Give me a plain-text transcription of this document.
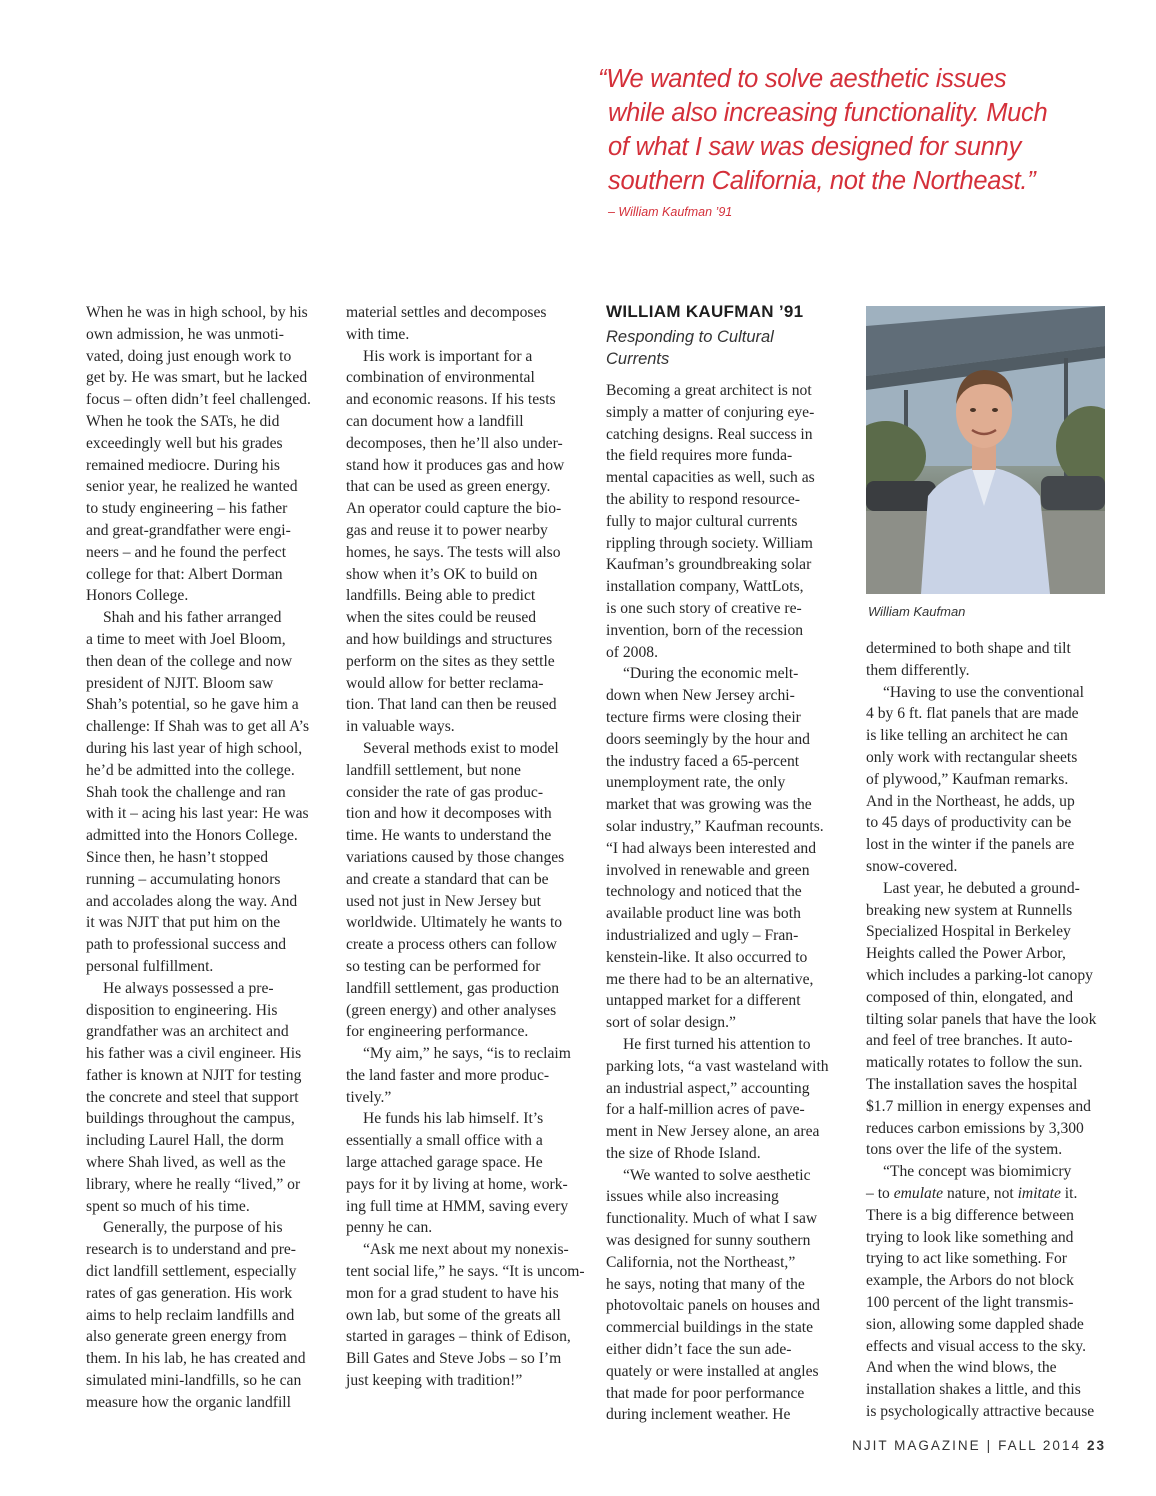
“We wanted to solve aesthetic issues
while also increasing functionality. Much
of what I saw was designed for sunny
southern California, not the Northeast.”

– William Kaufman ’91

When he was in high school, by his
own admission, he was unmoti-
vated, doing just enough work to
get by. He was smart, but he lacked
focus – often didn’t feel challenged.
When he took the SATs, he did
exceedingly well but his grades
remained mediocre. During his
senior year, he realized he wanted
to study engineering – his father
and great-grandfather were engi-
neers – and he found the perfect
college for that: Albert Dorman
Honors College.

Shah and his father arranged
a time to meet with Joel Bloom,
then dean of the college and now
president of NJIT. Bloom saw
Shah’s potential, so he gave him a
challenge: If Shah was to get all A’s
during his last year of high school,
he’d be admitted into the college.
Shah took the challenge and ran
with it – acing his last year: He was
admitted into the Honors College.
Since then, he hasn’t stopped
running – accumulating honors
and accolades along the way. And
it was NJIT that put him on the
path to professional success and
personal fulfillment.

He always possessed a pre-
disposition to engineering. His
grandfather was an architect and
his father was a civil engineer. His
father is known at NJIT for testing
the concrete and steel that support
buildings throughout the campus,
including Laurel Hall, the dorm
where Shah lived, as well as the
library, where he really “lived,” or
spent so much of his time.

Generally, the purpose of his
research is to understand and pre-
dict landfill settlement, especially
rates of gas generation. His work
aims to help reclaim landfills and
also generate green energy from
them. In his lab, he has created and
simulated mini-landfills, so he can
measure how the organic landfill

material settles and decomposes
with time.

His work is important for a
combination of environmental
and economic reasons. If his tests
can document how a landfill
decomposes, then he’ll also under-
stand how it produces gas and how
that can be used as green energy.
An operator could capture the bio-
gas and reuse it to power nearby
homes, he says. The tests will also
show when it’s OK to build on
landfills. Being able to predict
when the sites could be reused
and how buildings and structures
perform on the sites as they settle
would allow for better reclama-
tion. That land can then be reused
in valuable ways.

Several methods exist to model
landfill settlement, but none
consider the rate of gas produc-
tion and how it decomposes with
time. He wants to understand the
variations caused by those changes
and create a standard that can be
used not just in New Jersey but
worldwide. Ultimately he wants to
create a process others can follow
so testing can be performed for
landfill settlement, gas production
(green energy) and other analyses
for engineering performance.

“My aim,” he says, “is to reclaim
the land faster and more produc-
tively.”

He funds his lab himself. It’s
essentially a small office with a
large attached garage space. He
pays for it by living at home, work-
ing full time at HMM, saving every
penny he can.

“Ask me next about my nonexis-
tent social life,” he says. “It is uncom-
mon for a grad student to have his
own lab, but some of the greats all
started in garages – think of Edison,
Bill Gates and Steve Jobs – so I’m
just keeping with tradition!”

WILLIAM KAUFMAN ’91
Responding to Cultural
Currents

Becoming a great architect is not
simply a matter of conjuring eye-
catching designs. Real success in
the field requires more funda-
mental capacities as well, such as
the ability to respond resource-
fully to major cultural currents
rippling through society. William
Kaufman’s groundbreaking solar
installation company, WattLots,
is one such story of creative re-
invention, born of the recession
of 2008.

“During the economic melt-
down when New Jersey archi-
tecture firms were closing their
doors seemingly by the hour and
the industry faced a 65-percent
unemployment rate, the only
market that was growing was the
solar industry,” Kaufman recounts.
“I had always been interested and
involved in renewable and green
technology and noticed that the
available product line was both
industrialized and ugly – Fran-
kenstein-like. It also occurred to
me there had to be an alternative,
untapped market for a different
sort of solar design.”

He first turned his attention to
parking lots, “a vast wasteland with
an industrial aspect,” accounting
for a half-million acres of pave-
ment in New Jersey alone, an area
the size of Rhode Island.

“We wanted to solve aesthetic
issues while also increasing
functionality. Much of what I saw
was designed for sunny southern
California, not the Northeast,”
he says, noting that many of the
photovoltaic panels on houses and
commercial buildings in the state
either didn’t face the sun ade-
quately or were installed at angles
that made for poor performance
during inclement weather. He

William Kaufman

determined to both shape and tilt
them differently.

“Having to use the conventional
4 by 6 ft. flat panels that are made
is like telling an architect he can
only work with rectangular sheets
of plywood,” Kaufman remarks.
And in the Northeast, he adds, up
to 45 days of productivity can be
lost in the winter if the panels are
snow-covered.

Last year, he debuted a ground-
breaking new system at Runnells
Specialized Hospital in Berkeley
Heights called the Power Arbor,
which includes a parking-lot canopy
composed of thin, elongated, and
tilting solar panels that have the look
and feel of tree branches. It auto-
matically rotates to follow the sun.
The installation saves the hospital
$1.7 million in energy expenses and
reduces carbon emissions by 3,300
tons over the life of the system.

“The concept was biomimicry
– to emulate nature, not imitate it.
There is a big difference between
trying to look like something and
trying to act like something. For
example, the Arbors do not block
100 percent of the light transmis-
sion, allowing some dappled shade
effects and visual access to the sky.
And when the wind blows, the
installation shakes a little, and this
is psychologically attractive because

NJIT MAGAZINE | FALL 2014 23
